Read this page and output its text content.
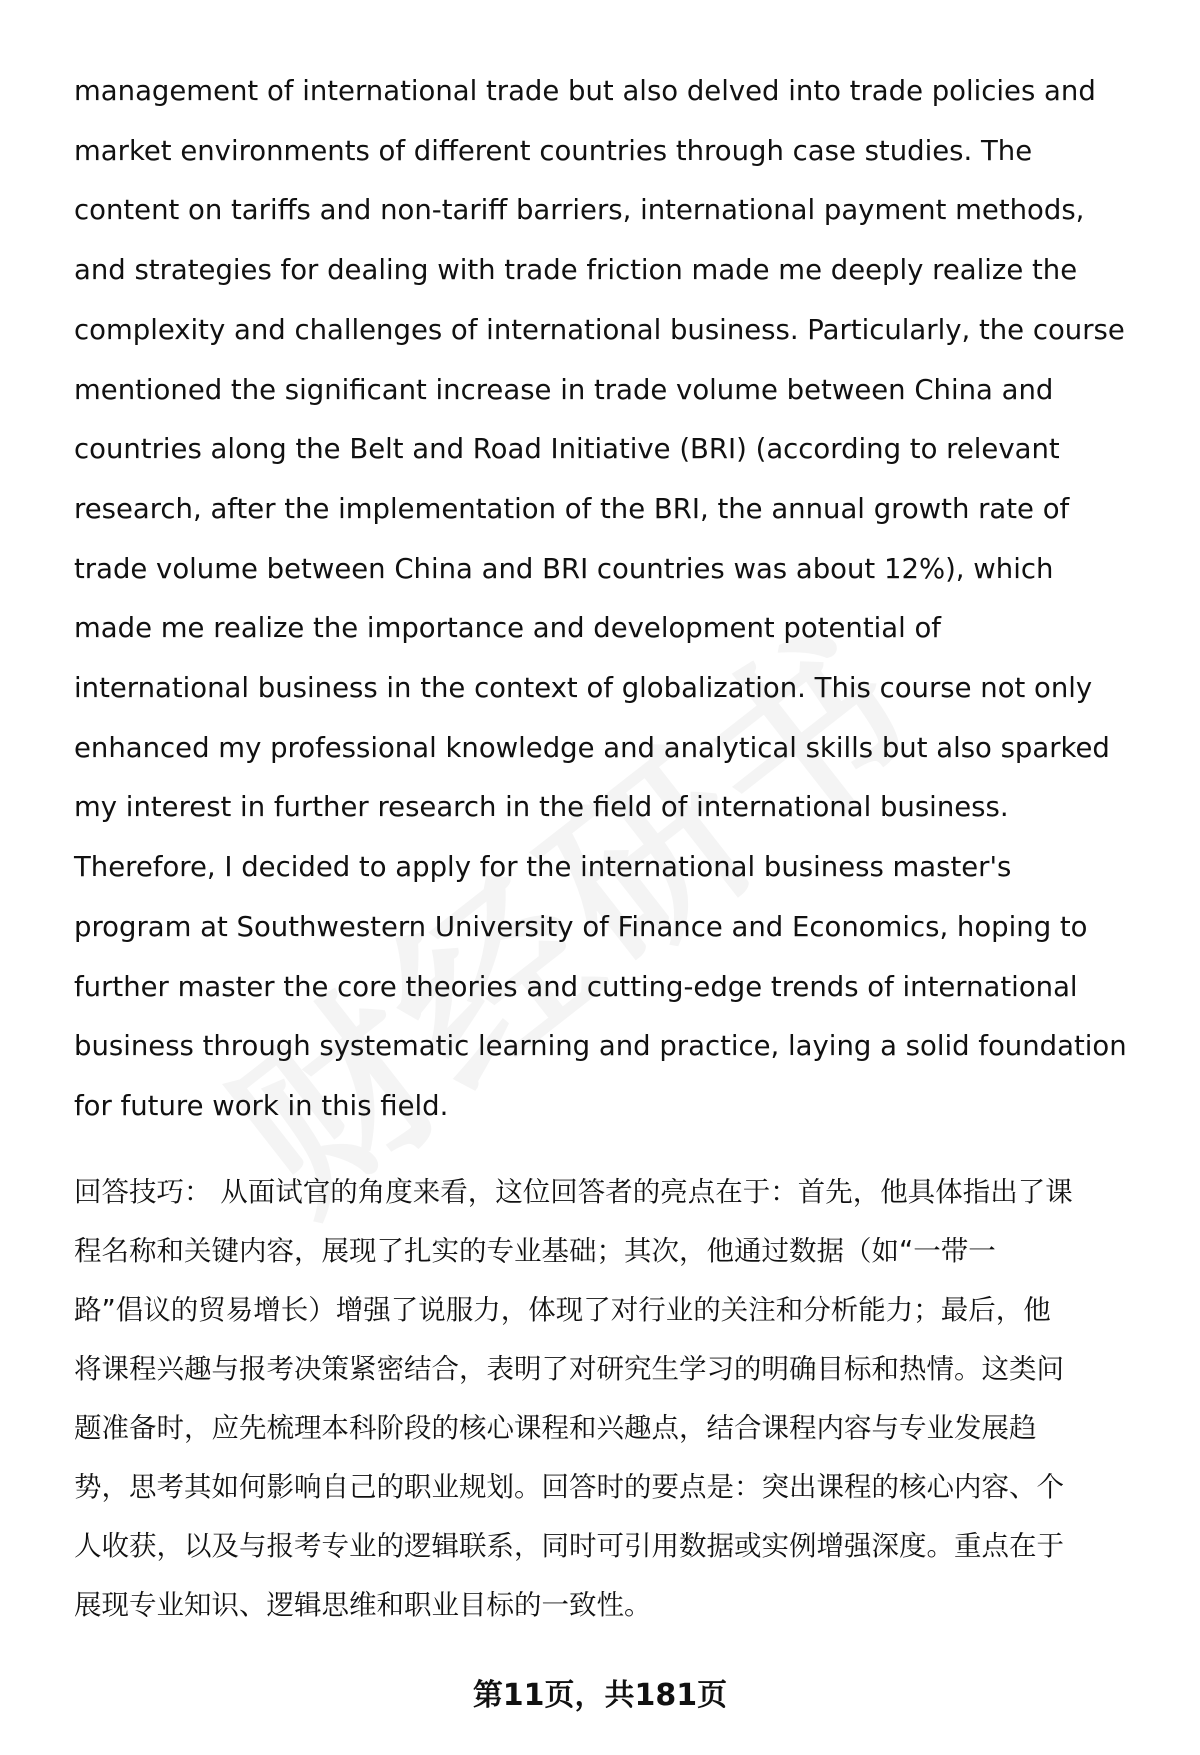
management of international trade but also delved into trade policies and
market environments of different countries through case studies. The
content on tariffs and non-tariff barriers, international payment methods,
and strategies for dealing with trade friction made me deeply realize the
complexity and challenges of international business. Particularly, the course
mentioned the significant increase in trade volume between China and
countries along the Belt and Road Initiative (BRI) (according to relevant
research, after the implementation of the BRI, the annual growth rate of
trade volume between China and BRI countries was about 12%), which
made me realize the importance and development potential of
international business in the context of globalization. This course not only
enhanced my professional knowledge and analytical skills but also sparked
my interest in further research in the field of international business.
Therefore, I decided to apply for the international business master's
program at Southwestern University of Finance and Economics, hoping to
further master the core theories and cutting-edge trends of international
business through systematic learning and practice, laying a solid foundation
for future work in this field.
回答技巧： 从面试官的角度来看，这位回答者的亮点在于：首先，他具体指出了课
程名称和关键内容，展现了扎实的专业基础；其次，他通过数据（如“一带一
路”倡议的贸易增长）增强了说服力，体现了对行业的关注和分析能力；最后，他
将课程兴趣与报考决策紧密结合，表明了对研究生学习的明确目标和热情。这类问
题准备时，应先梳理本科阶段的核心课程和兴趣点，结合课程内容与专业发展趋
势，思考其如何影响自己的职业规划。回答时的要点是：突出课程的核心内容、个
人收获，以及与报考专业的逻辑联系，同时可引用数据或实例增强深度。重点在于
展现专业知识、逻辑思维和职业目标的一致性。
第11页，共181页
